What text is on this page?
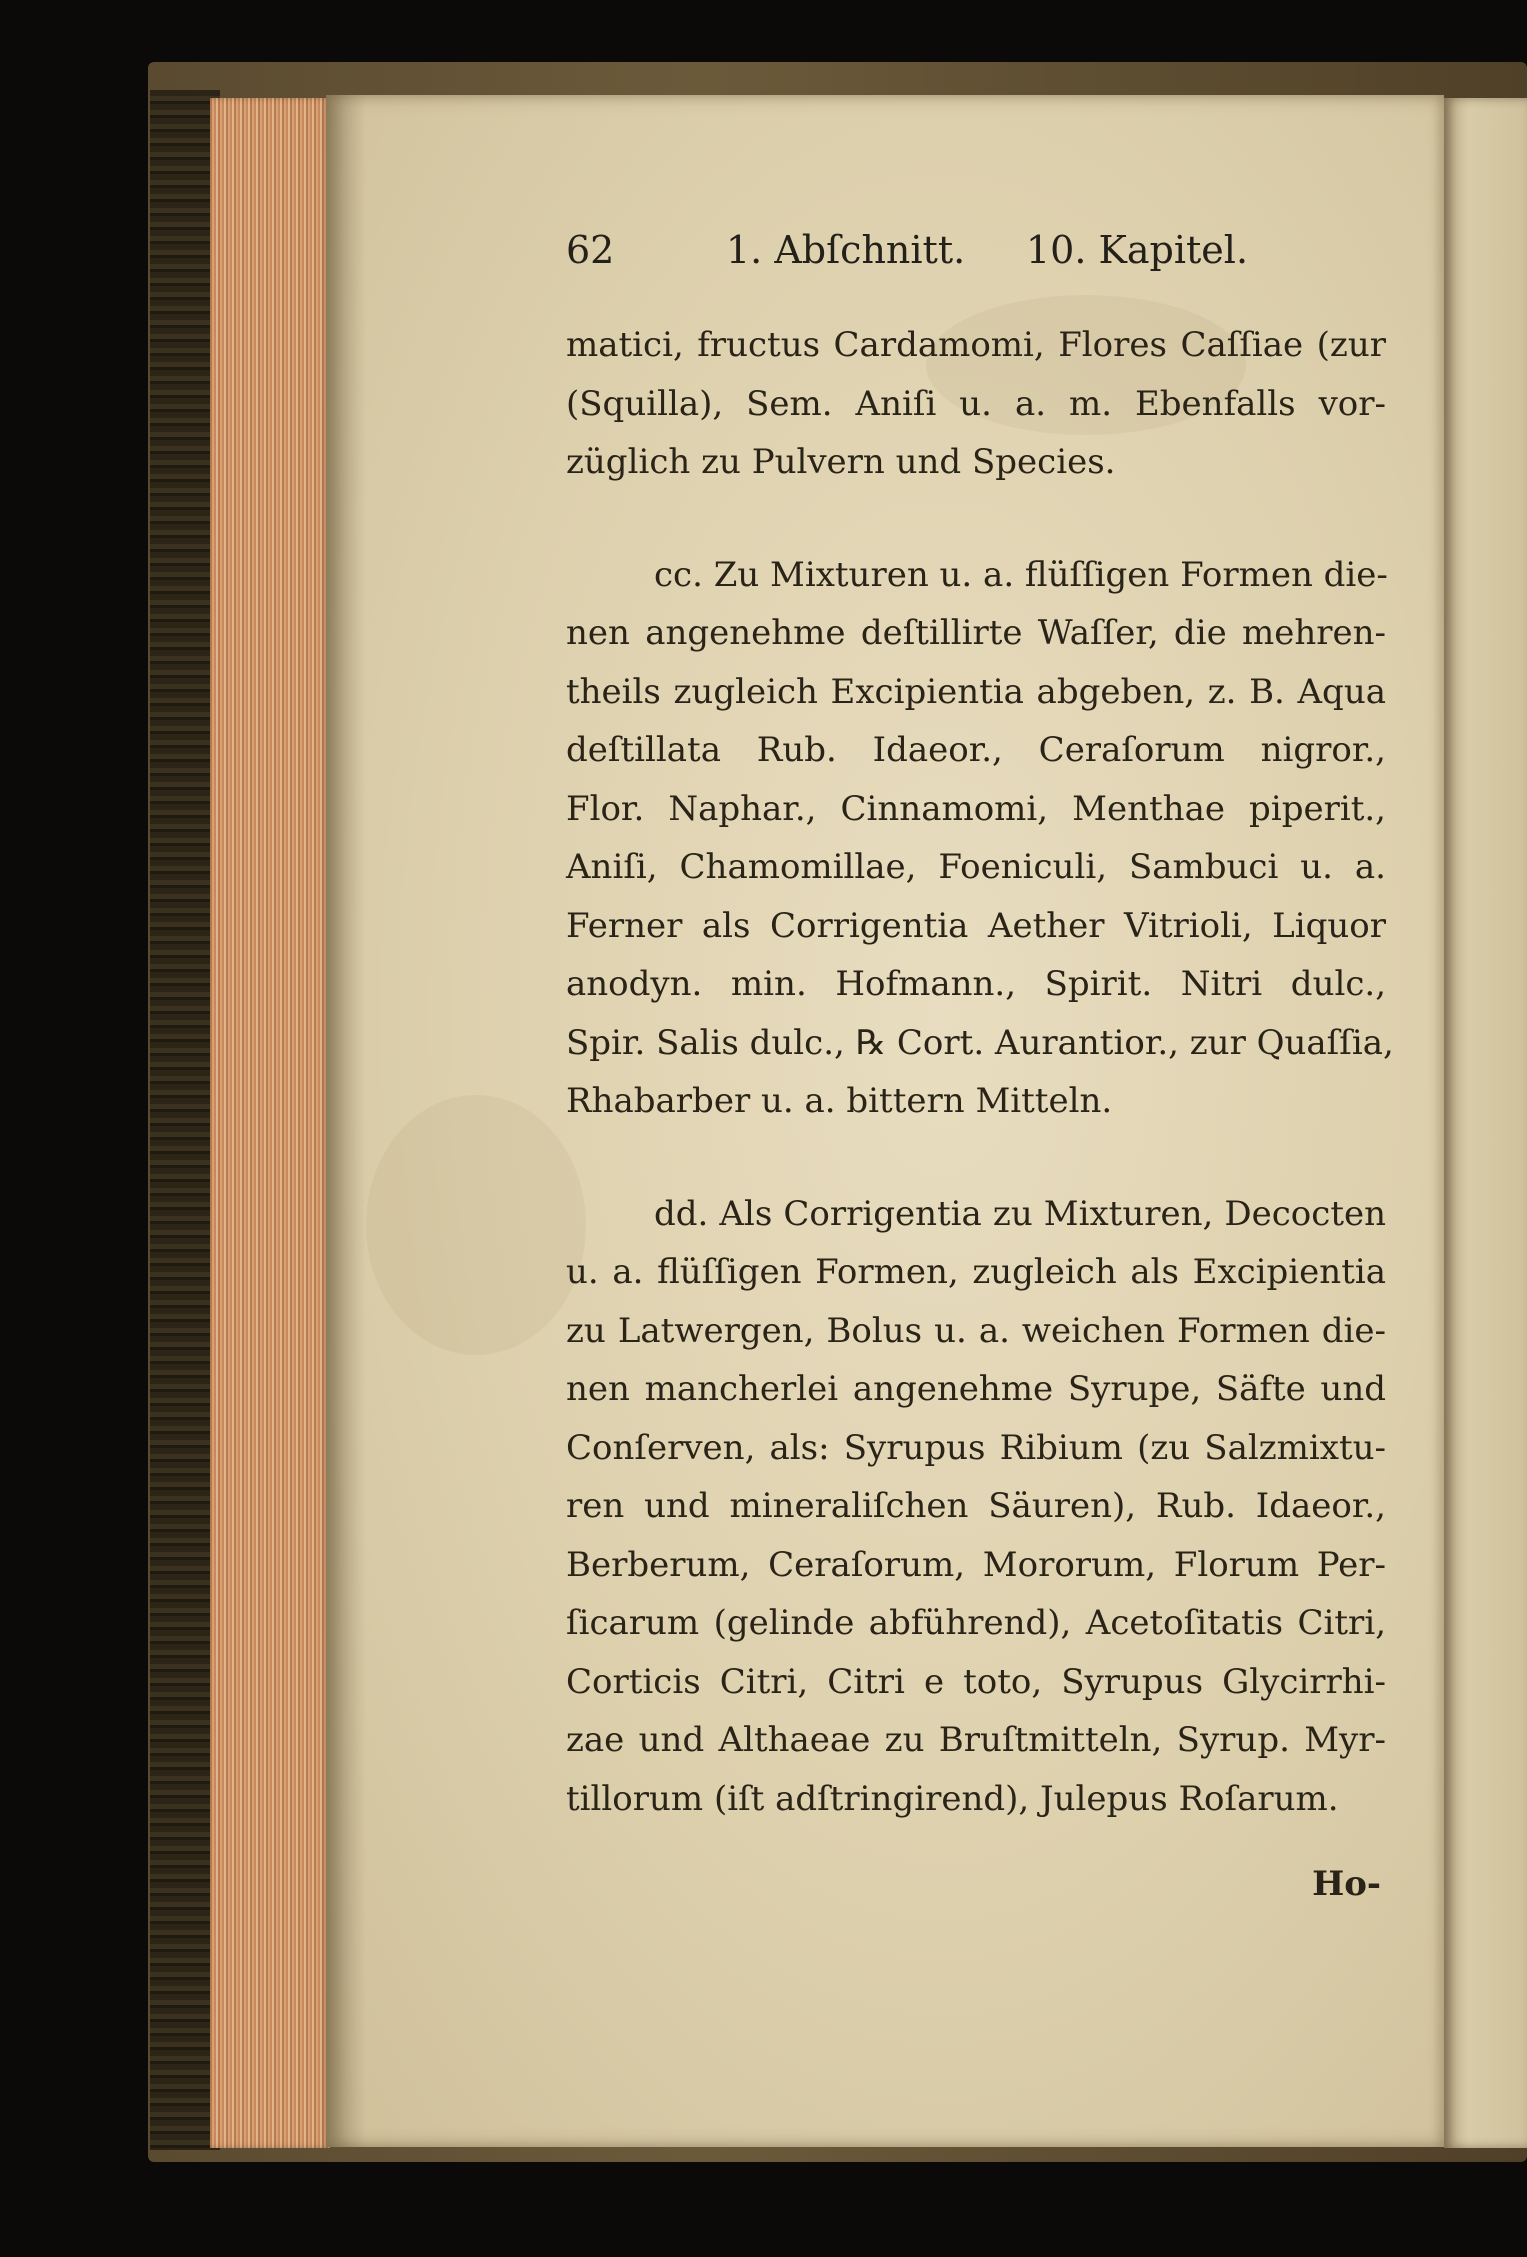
62	1. Abſchnitt. 10. Kapitel.
matici, fructus Cardamomi, Flores Caſſiae (zur
(Squilla), Sem. Aniſi u. a. m. Ebenfalls vor-
züglich zu Pulvern und Species.
cc. Zu Mixturen u. a. flüſſigen Formen die-
nen angenehme deſtillirte Waſſer, die mehren-
theils zugleich Excipientia abgeben, z. B. Aqua
deſtillata Rub. Idaeor., Ceraſorum nigror.,
Flor. Naphar., Cinnamomi, Menthae piperit.,
Aniſi, Chamomillae, Foeniculi, Sambuci u. a.
Ferner als Corrigentia Aether Vitrioli, Liquor
anodyn. min. Hofmann., Spirit. Nitri dulc.,
Spir. Salis dulc., ℞ Cort. Aurantior., zur Quaſſia,
Rhabarber u. a. bittern Mitteln.
dd. Als Corrigentia zu Mixturen, Decocten
u. a. flüſſigen Formen, zugleich als Excipientia
zu Latwergen, Bolus u. a. weichen Formen die-
nen mancherlei angenehme Syrupe, Säfte und
Conſerven, als: Syrupus Ribium (zu Salzmixtu-
ren und mineraliſchen Säuren), Rub. Idaeor.,
Berberum, Ceraſorum, Mororum, Florum Per-
ſicarum (gelinde abführend), Acetoſitatis Citri,
Corticis Citri, Citri e toto, Syrupus Glycirrhi-
zae und Althaeae zu Bruſtmitteln, Syrup. Myr-
tillorum (iſt adſtringirend), Julepus Roſarum.
Ho-
